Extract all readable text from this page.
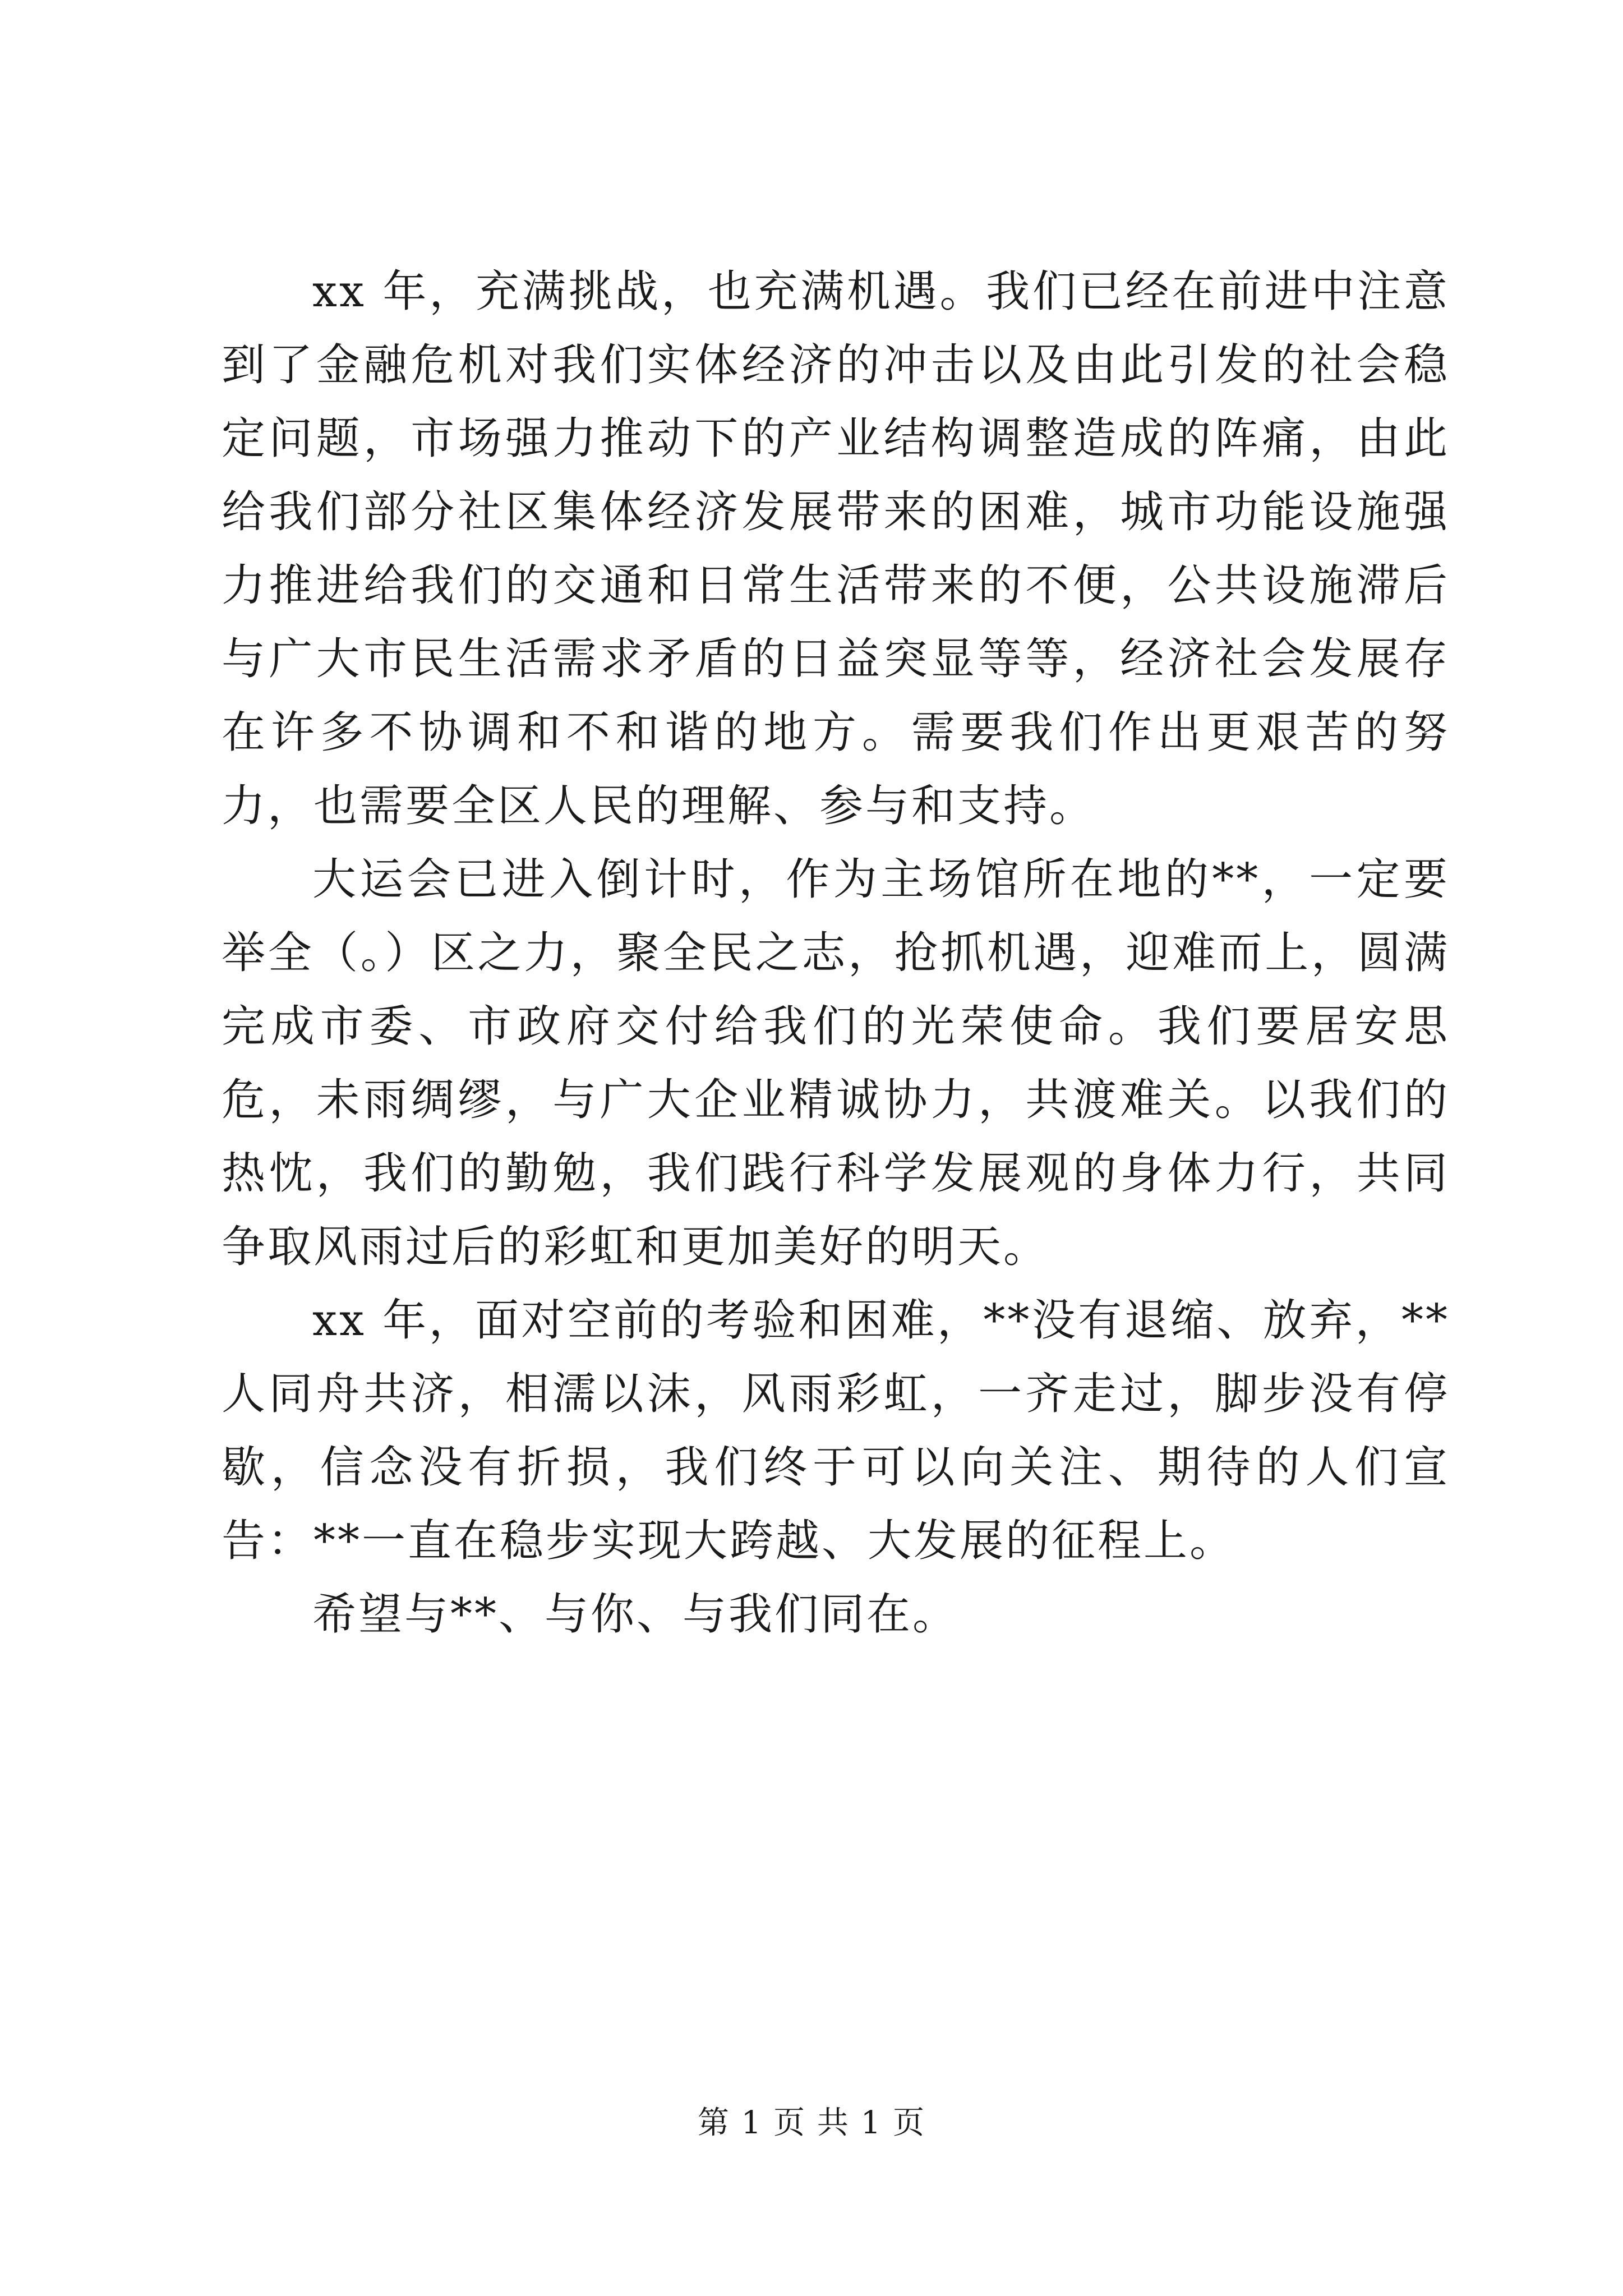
xx 年，充满挑战，也充满机遇。我们已经在前进中注意到了金融危机对我们实体经济的冲击以及由此引发的社会稳定问题，市场强力推动下的产业结构调整造成的阵痛，由此给我们部分社区集体经济发展带来的困难，城市功能设施强力推进给我们的交通和日常生活带来的不便，公共设施滞后与广大市民生活需求矛盾的日益突显等等，经济社会发展存在许多不协调和不和谐的地方。需要我们作出更艰苦的努力，也需要全区人民的理解、参与和支持。

大运会已进入倒计时，作为主场馆所在地的**，一定要举全（。）区之力，聚全民之志，抢抓机遇，迎难而上，圆满完成市委、市政府交付给我们的光荣使命。我们要居安思危，未雨绸缪，与广大企业精诚协力，共渡难关。以我们的热忱，我们的勤勉，我们践行科学发展观的身体力行，共同争取风雨过后的彩虹和更加美好的明天。

xx 年，面对空前的考验和困难，**没有退缩、放弃，**人同舟共济，相濡以沫，风雨彩虹，一齐走过，脚步没有停歇，信念没有折损，我们终于可以向关注、期待的人们宣告：**一直在稳步实现大跨越、大发展的征程上。

希望与**、与你、与我们同在。

第 1 页 共 1 页
